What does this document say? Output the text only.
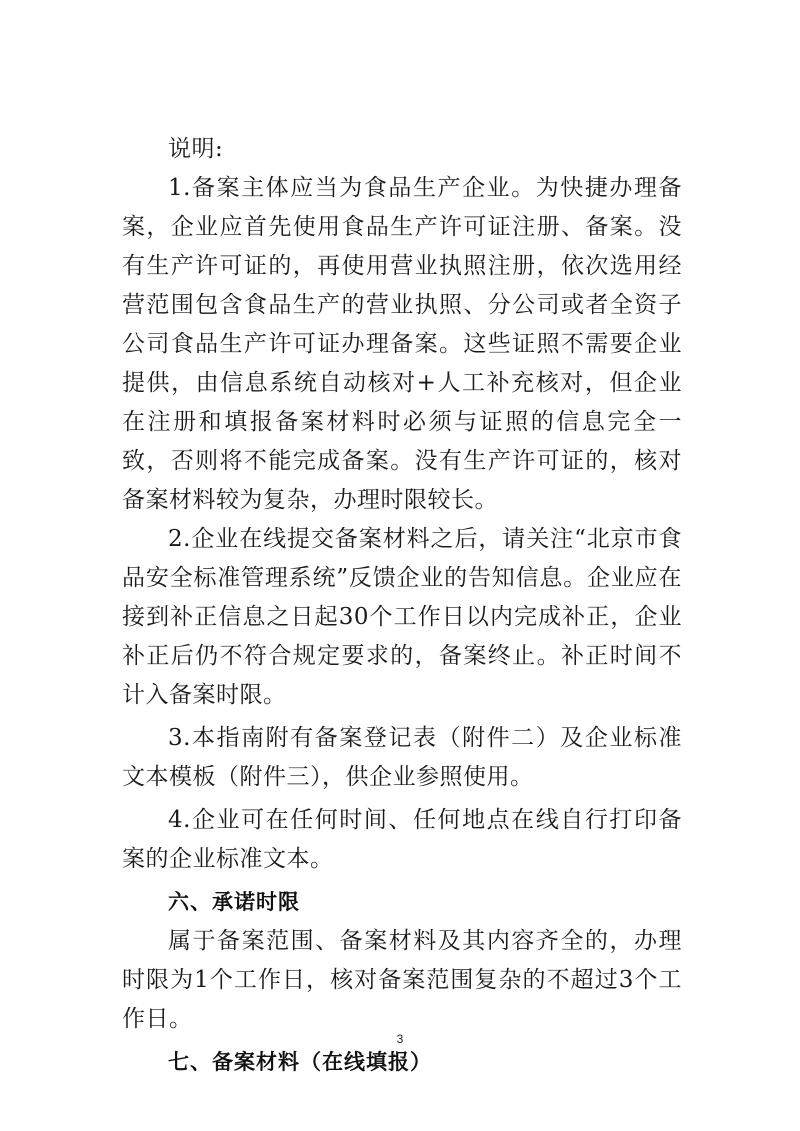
说明:

1.备案主体应当为食品生产企业。为快捷办理备案，企业应首先使用食品生产许可证注册、备案。没有生产许可证的，再使用营业执照注册，依次选用经营范围包含食品生产的营业执照、分公司或者全资子公司食品生产许可证办理备案。这些证照不需要企业提供，由信息系统自动核对+人工补充核对，但企业在注册和填报备案材料时必须与证照的信息完全一致，否则将不能完成备案。没有生产许可证的，核对备案材料较为复杂，办理时限较长。

2.企业在线提交备案材料之后，请关注“北京市食品安全标准管理系统”反馈企业的告知信息。企业应在接到补正信息之日起30个工作日以内完成补正，企业补正后仍不符合规定要求的，备案终止。补正时间不计入备案时限。

3.本指南附有备案登记表（附件二）及企业标准文本模板（附件三），供企业参照使用。

4.企业可在任何时间、任何地点在线自行打印备案的企业标准文本。

六、承诺时限

属于备案范围、备案材料及其内容齐全的，办理时限为1个工作日，核对备案范围复杂的不超过3个工作日。

七、备案材料（在线填报）

3
